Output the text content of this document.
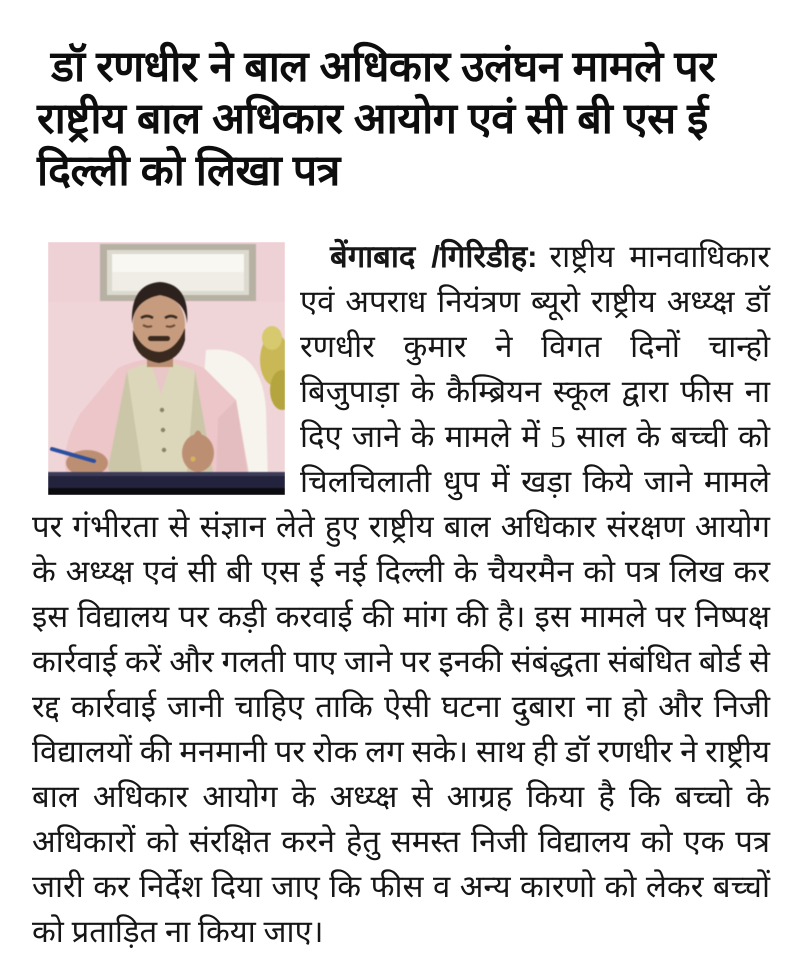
डॉ रणधीर ने बाल अधिकार उलंघन मामले पर
राष्ट्रीय बाल अधिकार आयोग एवं सी बी एस ई
दिल्ली को लिखा पत्र

बेंगाबाद /गिरिडीह: राष्ट्रीय मानवाधिकार एवं अपराध नियंत्रण ब्यूरो राष्ट्रीय अध्य्क्ष डॉ रणधीर कुमार ने विगत दिनों चान्हो बिजुपाड़ा के कैम्ब्रियन स्कूल द्वारा फीस ना दिए जाने के मामले में 5 साल के बच्ची को चिलचिलाती धुप में खड़ा किये जाने मामले पर गंभीरता से संज्ञान लेते हुए राष्ट्रीय बाल अधिकार संरक्षण आयोग के अध्य्क्ष एवं सी बी एस ई नई दिल्ली के चैयरमैन को पत्र लिख कर इस विद्यालय पर कड़ी करवाई की मांग की है। इस मामले पर निष्पक्ष कार्रवाई करें और गलती पाए जाने पर इनकी संबंद्धता संबंधित बोर्ड से रद्द कार्रवाई जानी चाहिए ताकि ऐसी घटना दुबारा ना हो और निजी विद्यालयों की मनमानी पर रोक लग सके। साथ ही डॉ रणधीर ने राष्ट्रीय बाल अधिकार आयोग के अध्य्क्ष से आग्रह किया है कि बच्चो के अधिकारों को संरक्षित करने हेतु समस्त निजी विद्यालय को एक पत्र जारी कर निर्देश दिया जाए कि फीस व अन्य कारणो को लेकर बच्चों को प्रताड़ित ना किया जाए।
